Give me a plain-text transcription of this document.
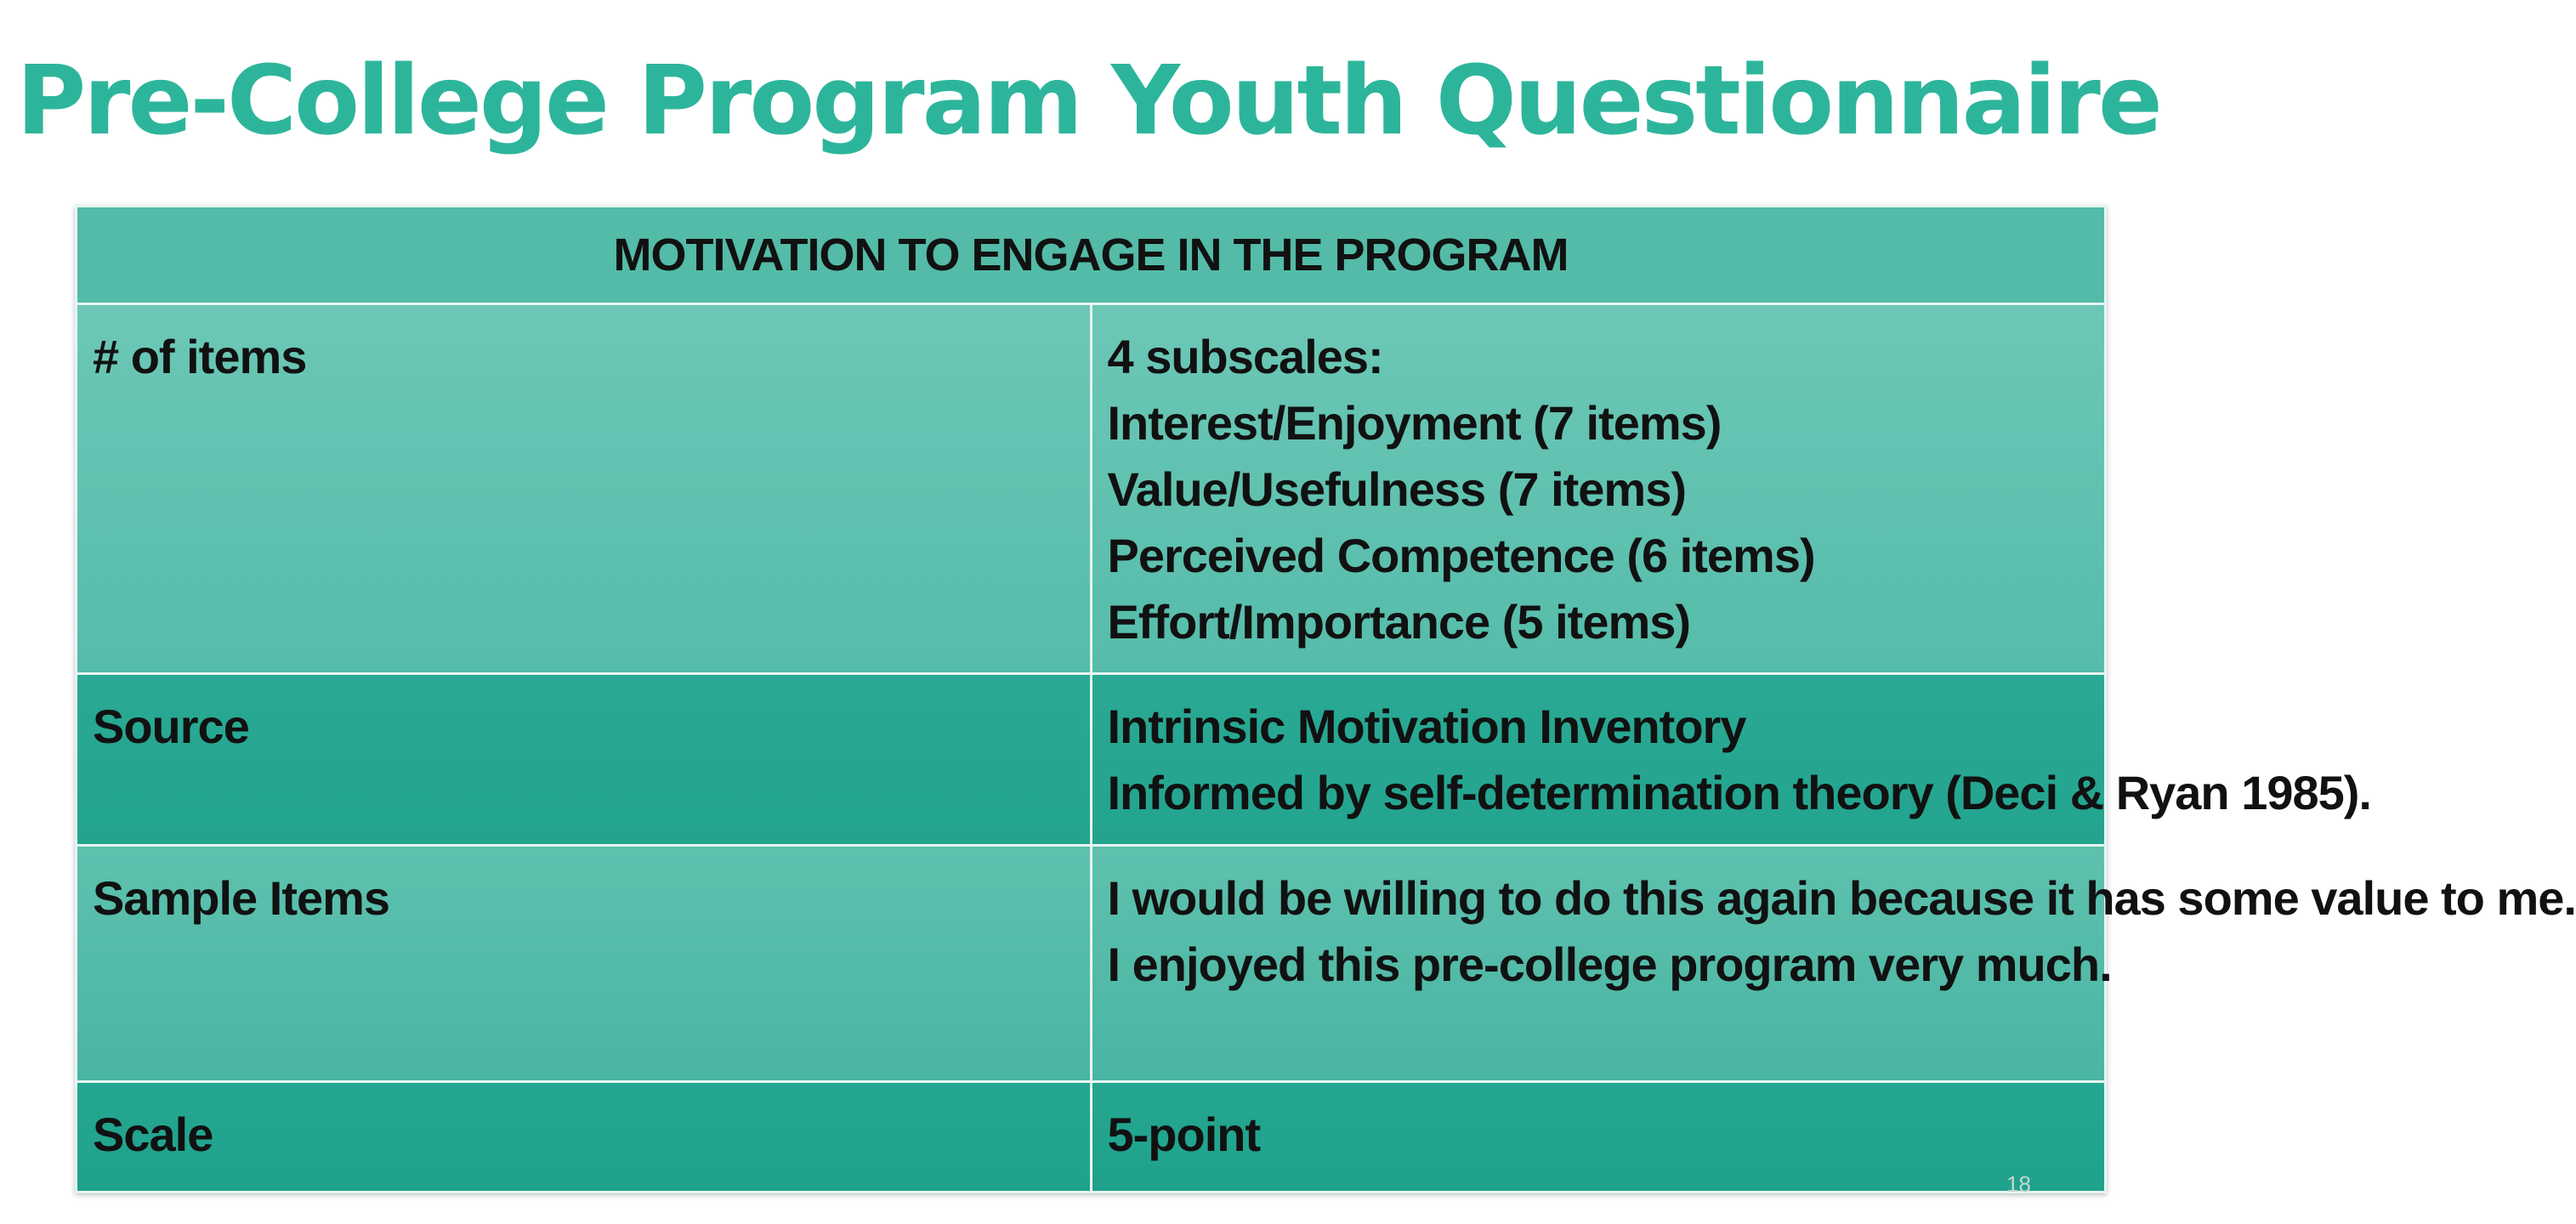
Pre-College Program Youth Questionnaire
MOTIVATION TO ENGAGE IN THE PROGRAM	

# of items	4 subscales:
Interest/Enjoyment (7 items)
Value/Usefulness (7 items)
Perceived Competence (6 items)
Effort/Importance (5 items)

Source	Intrinsic Motivation Inventory
Informed by self-determination theory (Deci & Ryan 1985).

Sample Items	I would be willing to do this again because it has some value to me.
I enjoyed this pre-college program very much.

Scale	5-point
18
